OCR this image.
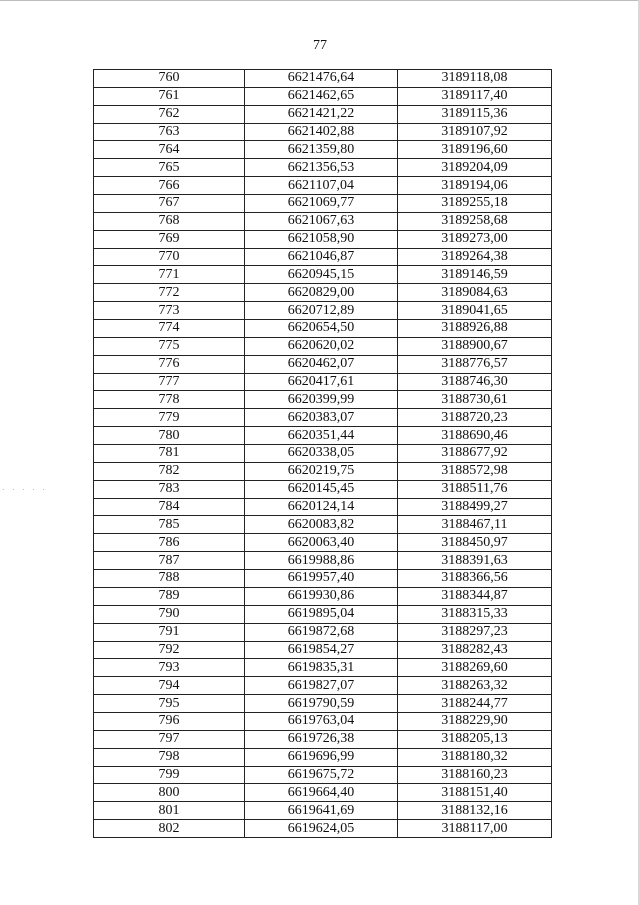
77
· · · · ·
760	6621476,64	3189118,08
761	6621462,65	3189117,40
762	6621421,22	3189115,36
763	6621402,88	3189107,92
764	6621359,80	3189196,60
765	6621356,53	3189204,09
766	6621107,04	3189194,06
767	6621069,77	3189255,18
768	6621067,63	3189258,68
769	6621058,90	3189273,00
770	6621046,87	3189264,38
771	6620945,15	3189146,59
772	6620829,00	3189084,63
773	6620712,89	3189041,65
774	6620654,50	3188926,88
775	6620620,02	3188900,67
776	6620462,07	3188776,57
777	6620417,61	3188746,30
778	6620399,99	3188730,61
779	6620383,07	3188720,23
780	6620351,44	3188690,46
781	6620338,05	3188677,92
782	6620219,75	3188572,98
783	6620145,45	3188511,76
784	6620124,14	3188499,27
785	6620083,82	3188467,11
786	6620063,40	3188450,97
787	6619988,86	3188391,63
788	6619957,40	3188366,56
789	6619930,86	3188344,87
790	6619895,04	3188315,33
791	6619872,68	3188297,23
792	6619854,27	3188282,43
793	6619835,31	3188269,60
794	6619827,07	3188263,32
795	6619790,59	3188244,77
796	6619763,04	3188229,90
797	6619726,38	3188205,13
798	6619696,99	3188180,32
799	6619675,72	3188160,23
800	6619664,40	3188151,40
801	6619641,69	3188132,16
802	6619624,05	3188117,00
